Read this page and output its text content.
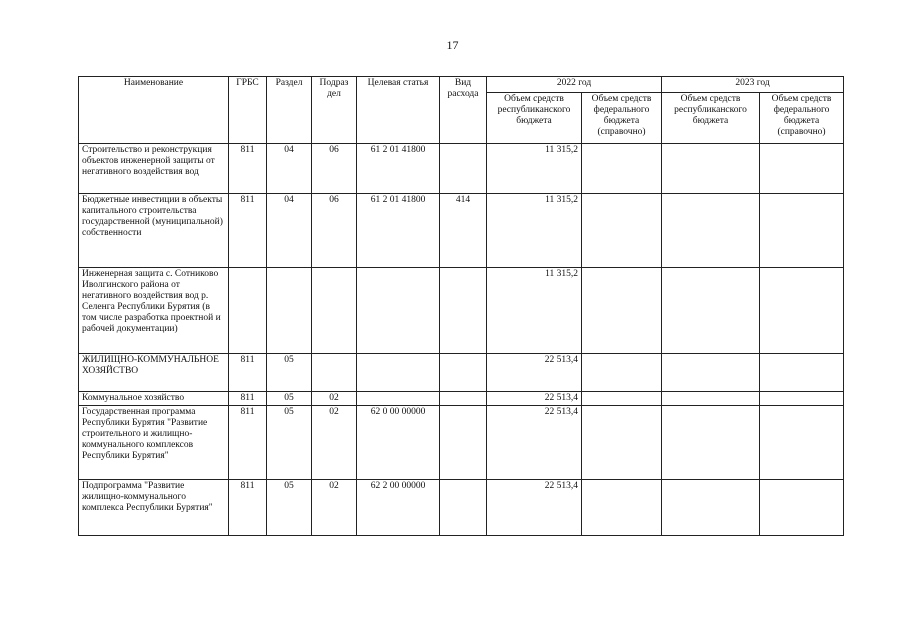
17
Наименование	ГРБС	Раздел	Подраз дел	Целевая статья	Вид расхода	2022 год		2023 год	
						Объем средств республиканского бюджета	Объем средств федерального бюджета (справочно)	Объем средств республиканского бюджета	Объем средств федерального бюджета (справочно)
Строительство и реконструкция объектов инженерной защиты от негативного воздействия вод	811	04	06	61 2 01 41800		11 315,2			
Бюджетные инвестиции в объекты капитального строительства государственной (муниципальной) собственности	811	04	06	61 2 01 41800	414	11 315,2			
Инженерная защита с. Сотниково Иволгинского района от негативного воздействия вод р. Селенга Республики Бурятия (в том числе разработка проектной и рабочей документации)						11 315,2			
ЖИЛИЩНО-КОММУНАЛЬНОЕ ХОЗЯЙСТВО	811	05				22 513,4			
Коммунальное хозяйство	811	05	02			22 513,4			
Государственная программа Республики Бурятия "Развитие строительного и жилищно-коммунального комплексов Республики Бурятия"	811	05	02	62 0 00 00000		22 513,4			
Подпрограмма "Развитие жилищно-коммунального комплекса Республики Бурятия"	811	05	02	62 2 00 00000		22 513,4			
